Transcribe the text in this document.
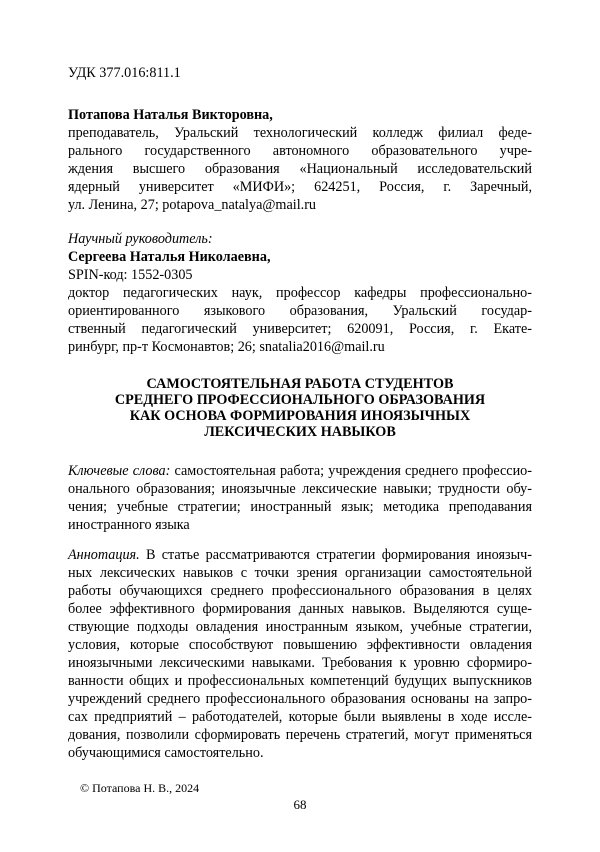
УДК 377.016:811.1

Потапова Наталья Викторовна,
преподаватель, Уральский технологический колледж филиал феде-
рального государственного автономного образовательного учре-
ждения высшего образования «Национальный исследовательский
ядерный университет «МИФИ»; 624251, Россия, г. Заречный,
ул. Ленина, 27; potapova_natalya@mail.ru
Научный руководитель:
Сергеева Наталья Николаевна,
SPIN-код: 1552-0305
доктор педагогических наук, профессор кафедры профессионально-
ориентированного языкового образования, Уральский государ-
ственный педагогический университет; 620091, Россия, г. Екате-
ринбург, пр-т Космонавтов; 26; snatalia2016@mail.ru
САМОСТОЯТЕЛЬНАЯ РАБОТА СТУДЕНТОВ
СРЕДНЕГО ПРОФЕССИОНАЛЬНОГО ОБРАЗОВАНИЯ
КАК ОСНОВА ФОРМИРОВАНИЯ ИНОЯЗЫЧНЫХ
ЛЕКСИЧЕСКИХ НАВЫКОВ
Ключевые слова: самостоятельная работа; учреждения среднего профессио-
онального образования; иноязычные лексические навыки; трудности обу-
чения; учебные стратегии; иностранный язык; методика преподавания
иностранного языка
Аннотация. В статье рассматриваются стратегии формирования иноязыч-
ных лексических навыков с точки зрения организации самостоятельной
работы обучающихся среднего профессионального образования в целях
более эффективного формирования данных навыков. Выделяются суще-
ствующие подходы овладения иностранным языком, учебные стратегии,
условия, которые способствуют повышению эффективности овладения
иноязычными лексическими навыками. Требования к уровню сформиро-
ванности общих и профессиональных компетенций будущих выпускников
учреждений среднего профессионального образования основаны на запро-
сах предприятий – работодателей, которые были выявлены в ходе иссле-
дования, позволили сформировать перечень стратегий, могут применяться
обучающимися самостоятельно.
© Потапова Н. В., 2024
68
